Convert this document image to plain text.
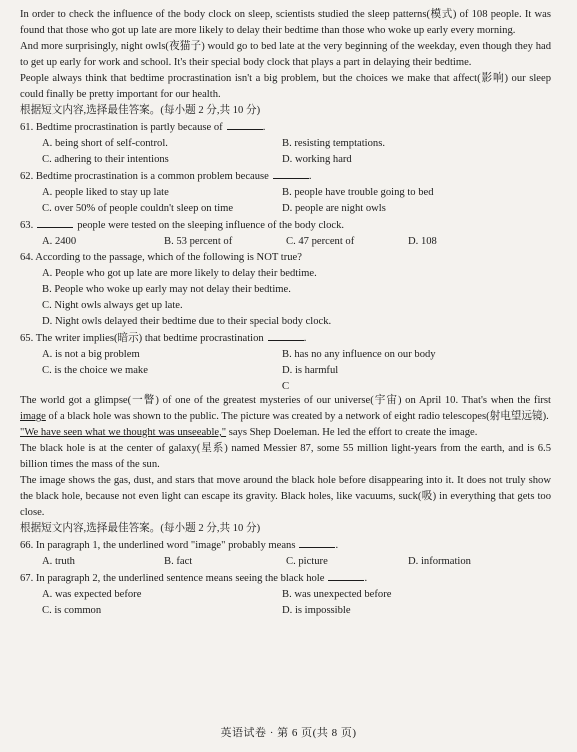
In order to check the influence of the body clock on sleep, scientists studied the sleep patterns(模式) of 108 people. It was found that those who got up late are more likely to delay their bedtime than those who woke up early every morning.

And more surprisingly, night owls(夜猫子) would go to bed late at the very beginning of the weekday, even though they had to get up early for work and school. It's their special body clock that plays a part in delaying their bedtime.

People always think that bedtime procrastination isn't a big problem, but the choices we make that affect(影响) our sleep could finally be pretty important for our health.

根据短文内容,选择最佳答案。(每小题 2 分,共 10 分)

61. Bedtime procrastination is partly because of	.

A. being short of self-control.	B. resisting temptations.
C. adhering to their intentions	D. working hard

62. Bedtime procrastination is a common problem because	.

A. people liked to stay up late	B. people have trouble going to bed
C. over 50% of people couldn't sleep on time	D. people are night owls

63.	people were tested on the sleeping influence of the body clock.

A. 2400	B. 53 percent of	C. 47 percent of	D. 108

64. According to the passage, which of the following is NOT true?

A. People who got up late are more likely to delay their bedtime.
B. People who woke up early may not delay their bedtime.
C. Night owls always get up late.
D. Night owls delayed their bedtime due to their special body clock.

65. The writer implies(暗示) that bedtime procrastination	.

A. is not a big problem	B. has no any influence on our body
C. is the choice we make	D. is harmful

C

The world got a glimpse(一瞥) of one of the greatest mysteries of our universe(宇宙) on April 10. That's when the first image of a black hole was shown to the public. The picture was created by a network of eight radio telescopes(射电望远镜).

"We have seen what we thought was unseeable," says Shep Doeleman. He led the effort to create the image.

The black hole is at the center of galaxy(星系) named Messier 87, some 55 million light-years from the earth, and is 6.5 billion times the mass of the sun.

The image shows the gas, dust, and stars that move around the black hole before disappearing into it. It does not truly show the black hole, because not even light can escape its gravity. Black holes, like vacuums, suck(吸) in everything that gets too close.

根据短文内容,选择最佳答案。(每小题 2 分,共 10 分)

66. In paragraph 1, the underlined word "image" probably means	.

A. truth	B. fact	C. picture	D. information

67. In paragraph 2, the underlined sentence means seeing the black hole	.

A. was expected before	B. was unexpected before
C. is common	D. is impossible
英语试卷 · 第 6 页(共 8 页)
